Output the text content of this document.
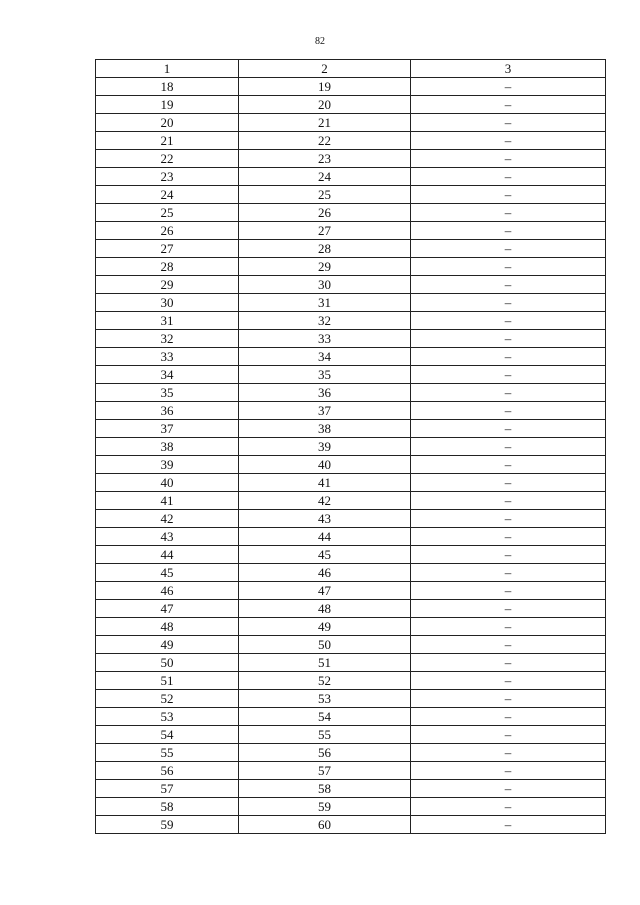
82
1	2	3
18	19	–
19	20	–
20	21	–
21	22	–
22	23	–
23	24	–
24	25	–
25	26	–
26	27	–
27	28	–
28	29	–
29	30	–
30	31	–
31	32	–
32	33	–
33	34	–
34	35	–
35	36	–
36	37	–
37	38	–
38	39	–
39	40	–
40	41	–
41	42	–
42	43	–
43	44	–
44	45	–
45	46	–
46	47	–
47	48	–
48	49	–
49	50	–
50	51	–
51	52	–
52	53	–
53	54	–
54	55	–
55	56	–
56	57	–
57	58	–
58	59	–
59	60	–
